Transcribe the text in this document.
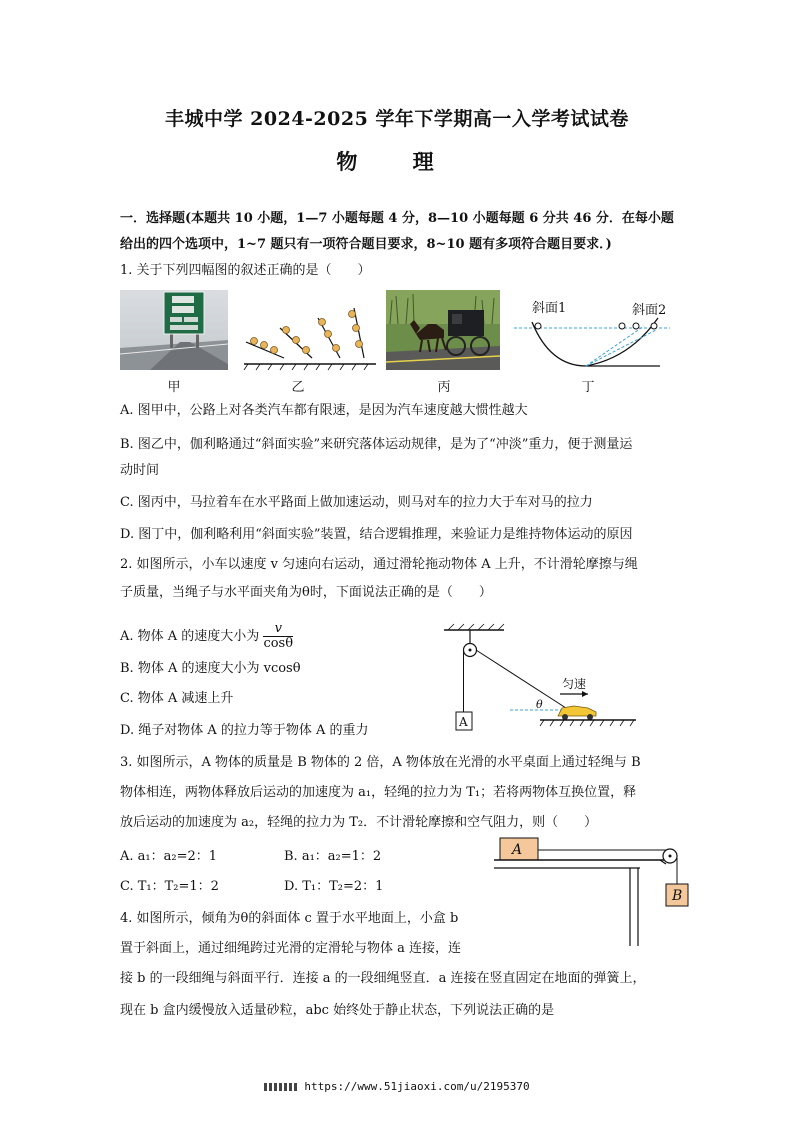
丰城中学 2024-2025 学年下学期高一入学考试试卷
物 理
一．选择题(本题共 10 小题，1—7 小题每题 4 分，8—10 小题每题 6 分共 46 分．在每小题
给出的四个选项中，1~7 题只有一项符合题目要求，8~10 题有多项符合题目要求．)
1. 关于下列四幅图的叙述正确的是（　　）
斜面1	斜面2
甲	乙	丙	丁
A. 图甲中，公路上对各类汽车都有限速，是因为汽车速度越大惯性越大
B. 图乙中，伽利略通过“斜面实验”来研究落体运动规律，是为了“冲淡”重力，便于测量运
动时间
C. 图丙中，马拉着车在水平路面上做加速运动，则马对车的拉力大于车对马的拉力
D. 图丁中，伽利略利用“斜面实验”装置，结合逻辑推理，来验证力是维持物体运动的原因
2. 如图所示，小车以速度 v 匀速向右运动，通过滑轮拖动物体 A 上升，不计滑轮摩擦与绳
子质量，当绳子与水平面夹角为θ时，下面说法正确的是（　　）
A. 物体 A 的速度大小为 $\frac{v}{\cos\theta}$
B. 物体 A 的速度大小为 vcosθ
C. 物体 A 减速上升
D. 绳子对物体 A 的拉力等于物体 A 的重力
A
θ
匀速
3. 如图所示，A 物体的质量是 B 物体的 2 倍，A 物体放在光滑的水平桌面上通过轻绳与 B
物体相连，两物体释放后运动的加速度为 a₁，轻绳的拉力为 T₁；若将两物体互换位置，释
放后运动的加速度为 a₂，轻绳的拉力为 T₂．不计滑轮摩擦和空气阻力，则（　　）
A. a₁：a₂=2：1	B. a₁：a₂=1：2
C. T₁：T₂=1：2	D. T₁：T₂=2：1
A
B
4. 如图所示，倾角为θ的斜面体 c 置于水平地面上，小盒 b
置于斜面上，通过细绳跨过光滑的定滑轮与物体 a 连接，连
接 b 的一段细绳与斜面平行．连接 a 的一段细绳竖直．a 连接在竖直固定在地面的弹簧上，
现在 b 盒内缓慢放入适量砂粒，abc 始终处于静止状态，下列说法正确的是
https://www.51jiaoxi.com/u/2195370
